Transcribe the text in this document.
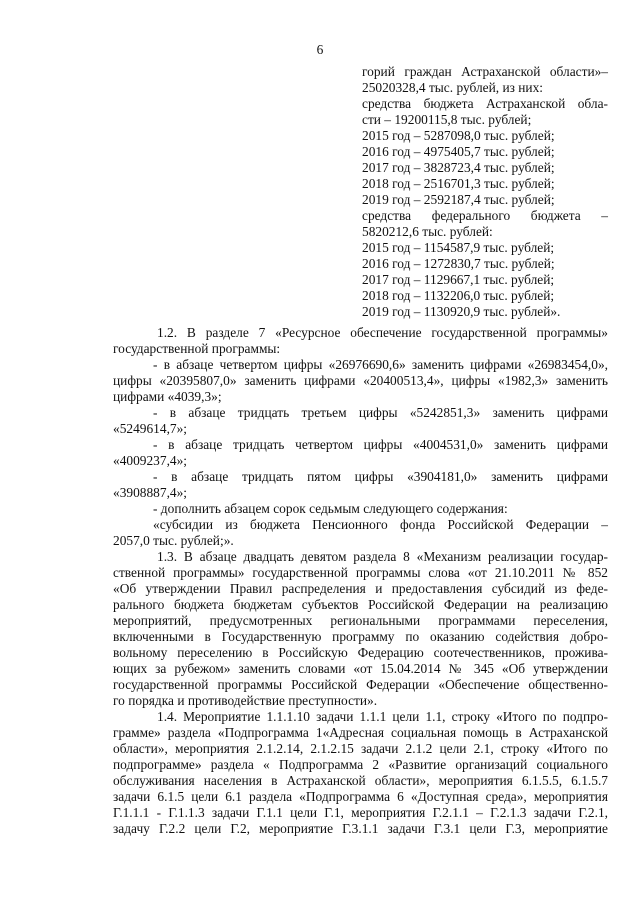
6
горий граждан Астраханской области»–
25020328,4 тыс. рублей, из них:
средства бюджета Астраханской обла-
сти – 19200115,8 тыс. рублей;
2015 год – 5287098,0 тыс. рублей;
2016 год – 4975405,7 тыс. рублей;
2017 год – 3828723,4 тыс. рублей;
2018 год – 2516701,3 тыс. рублей;
2019 год – 2592187,4 тыс. рублей;
средства федерального бюджета –
5820212,6 тыс. рублей:
2015 год – 1154587,9 тыс. рублей;
2016 год – 1272830,7 тыс. рублей;
2017 год – 1129667,1 тыс. рублей;
2018 год – 1132206,0 тыс. рублей;
2019 год – 1130920,9 тыс. рублей».
1.2. В разделе 7 «Ресурсное обеспечение государственной программы»
государственной программы:
- в абзаце четвертом цифры «26976690,6» заменить цифрами «26983454,0»,
цифры «20395807,0» заменить цифрами «20400513,4», цифры «1982,3» заменить
цифрами «4039,3»;
- в абзаце тридцать третьем цифры «5242851,3» заменить цифрами
«5249614,7»;
- в абзаце тридцать четвертом цифры «4004531,0» заменить цифрами
«4009237,4»;
- в абзаце тридцать пятом цифры «3904181,0» заменить цифрами
«3908887,4»;
- дополнить абзацем сорок седьмым следующего содержания:
«субсидии из бюджета Пенсионного фонда Российской Федерации –
2057,0 тыс. рублей;».
1.3. В абзаце двадцать девятом раздела 8 «Механизм реализации государ-
ственной программы» государственной программы слова «от 21.10.2011 № 852
«Об утверждении Правил распределения и предоставления субсидий из феде-
рального бюджета бюджетам субъектов Российской Федерации на реализацию
мероприятий, предусмотренных региональными программами переселения,
включенными в Государственную программу по оказанию содействия добро-
вольному переселению в Российскую Федерацию соотечественников, прожива-
ющих за рубежом» заменить словами «от 15.04.2014 № 345 «Об утверждении
государственной программы Российской Федерации «Обеспечение общественно-
го порядка и противодействие преступности».
1.4. Мероприятие 1.1.1.10 задачи 1.1.1 цели 1.1, строку «Итого по подпро-
грамме» раздела «Подпрограмма 1«Адресная социальная помощь в Астраханской
области», мероприятия 2.1.2.14, 2.1.2.15 задачи 2.1.2 цели 2.1, строку «Итого по
подпрограмме» раздела « Подпрограмма 2 «Развитие организаций социального
обслуживания населения в Астраханской области», мероприятия 6.1.5.5, 6.1.5.7
задачи 6.1.5 цели 6.1 раздела «Подпрограмма 6 «Доступная среда», мероприятия
Г.1.1.1 - Г.1.1.3 задачи Г.1.1 цели Г.1, мероприятия Г.2.1.1 – Г.2.1.3 задачи Г.2.1,
задачу Г.2.2 цели Г.2, мероприятие Г.3.1.1 задачи Г.3.1 цели Г.3, мероприятие
